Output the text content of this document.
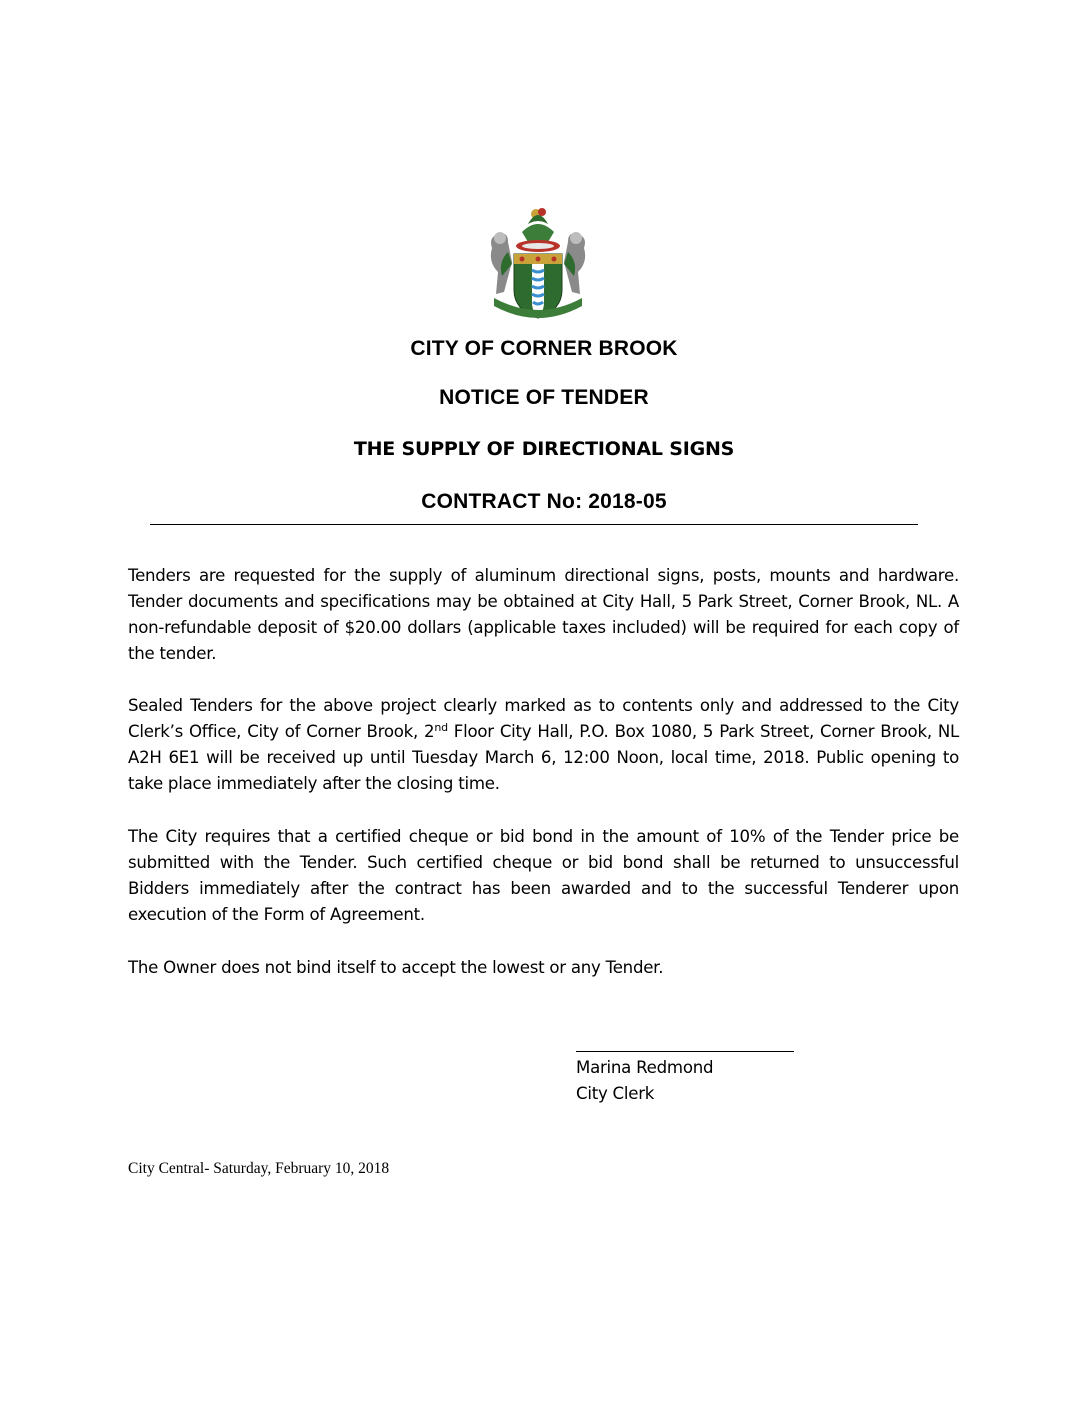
CITY OF CORNER BROOK
NOTICE OF TENDER
THE SUPPLY OF DIRECTIONAL SIGNS
CONTRACT No: 2018-05
Tenders are requested for the supply of aluminum directional signs, posts, mounts and hardware. Tender documents and specifications may be obtained at City Hall, 5 Park Street, Corner Brook, NL. A non-refundable deposit of $20.00 dollars (applicable taxes included) will be required for each copy of the tender.
Sealed Tenders for the above project clearly marked as to contents only and addressed to the City Clerk’s Office, City of Corner Brook, 2nd Floor City Hall, P.O. Box 1080, 5 Park Street, Corner Brook, NL A2H 6E1 will be received up until Tuesday March 6, 12:00 Noon, local time, 2018. Public opening to take place immediately after the closing time.
The City requires that a certified cheque or bid bond in the amount of 10% of the Tender price be submitted with the Tender. Such certified cheque or bid bond shall be returned to unsuccessful Bidders immediately after the contract has been awarded and to the successful Tenderer upon execution of the Form of Agreement.
The Owner does not bind itself to accept the lowest or any Tender.
Marina Redmond
City Clerk
City Central- Saturday, February 10, 2018
